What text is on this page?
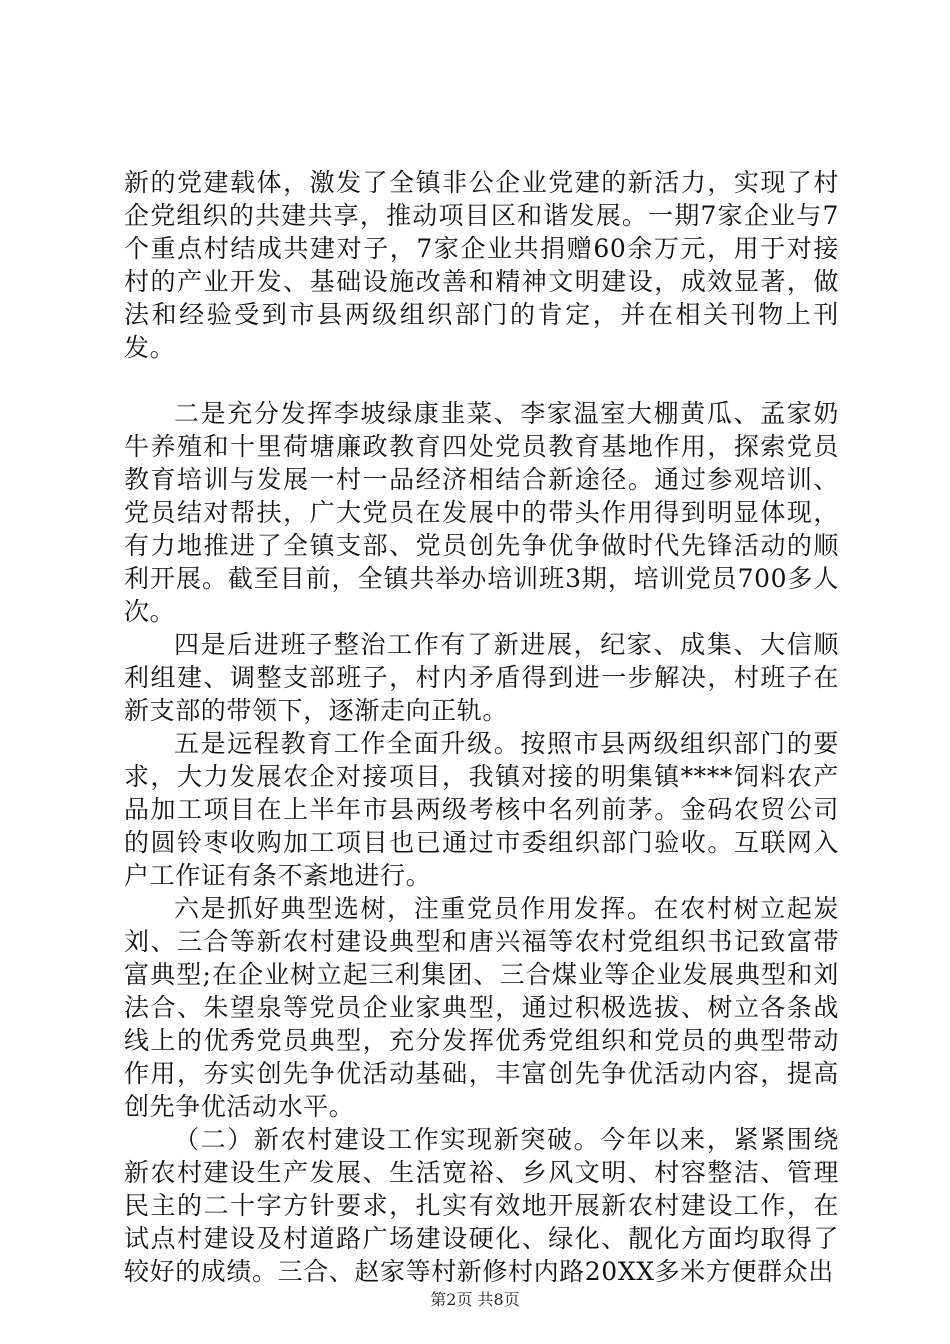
新的党建载体，激发了全镇非公企业党建的新活力，实现了村企党组织的共建共享，推动项目区和谐发展。一期7家企业与7个重点村结成共建对子，7家企业共捐赠60余万元，用于对接村的产业开发、基础设施改善和精神文明建设，成效显著，做法和经验受到市县两级组织部门的肯定，并在相关刊物上刊发。

二是充分发挥李坡绿康韭菜、李家温室大棚黄瓜、孟家奶牛养殖和十里荷塘廉政教育四处党员教育基地作用，探索党员教育培训与发展一村一品经济相结合新途径。通过参观培训、党员结对帮扶，广大党员在发展中的带头作用得到明显体现，有力地推进了全镇支部、党员创先争优争做时代先锋活动的顺利开展。截至目前，全镇共举办培训班3期，培训党员700多人次。

四是后进班子整治工作有了新进展，纪家、成集、大信顺利组建、调整支部班子，村内矛盾得到进一步解决，村班子在新支部的带领下，逐渐走向正轨。

五是远程教育工作全面升级。按照市县两级组织部门的要求，大力发展农企对接项目，我镇对接的明集镇****饲料农产品加工项目在上半年市县两级考核中名列前茅。金码农贸公司的圆铃枣收购加工项目也已通过市委组织部门验收。互联网入户工作证有条不紊地进行。

六是抓好典型选树，注重党员作用发挥。在农村树立起炭刘、三合等新农村建设典型和唐兴福等农村党组织书记致富带富典型;在企业树立起三利集团、三合煤业等企业发展典型和刘法合、朱望泉等党员企业家典型，通过积极选拔、树立各条战线上的优秀党员典型，充分发挥优秀党组织和党员的典型带动作用，夯实创先争优活动基础，丰富创先争优活动内容，提高创先争优活动水平。

（二）新农村建设工作实现新突破。今年以来，紧紧围绕新农村建设生产发展、生活宽裕、乡风文明、村容整洁、管理民主的二十字方针要求，扎实有效地开展新农村建设工作，在试点村建设及村道路广场建设硬化、绿化、靓化方面均取得了较好的成绩。三合、赵家等村新修村内路20XX多米方便群众出

第2页 共8页
